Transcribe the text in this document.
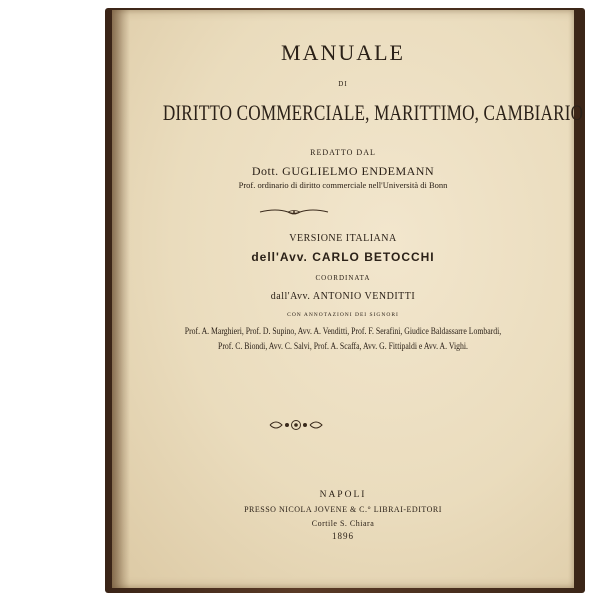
MANUALE
DI
DIRITTO COMMERCIALE, MARITTIMO, CAMBIARIO
REDATTO DAL
Dott. GUGLIELMO ENDEMANN
Prof. ordinario di diritto commerciale nell'Università di Bonn
VERSIONE ITALIANA
dell'Avv. CARLO BETOCCHI
COORDINATA
dall'Avv. ANTONIO VENDITTI
CON ANNOTAZIONI DEI SIGNORI
Prof. A. Marghieri, Prof. D. Supino, Avv. A. Venditti, Prof. F. Serafini, Giudice Baldassarre Lombardi,
Prof. C. Biondi, Avv. C. Salvi, Prof. A. Scaffa, Avv. G. Fittipaldi e Avv. A. Vighi.
NAPOLI
PRESSO NICOLA JOVENE & C.° LIBRAI-EDITORI
Cortile S. Chiara
1896
